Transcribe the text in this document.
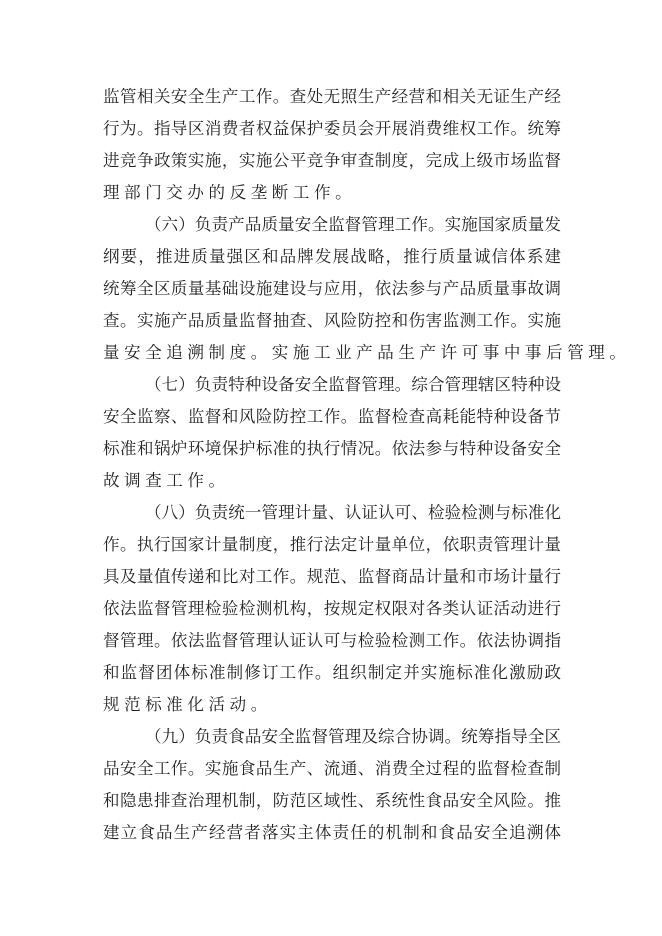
监管相关安全生产工作。查处无照生产经营和相关无证生产经
行为。指导区消费者权益保护委员会开展消费维权工作。统筹
进竞争政策实施，实施公平竞争审查制度，完成上级市场监督
理部门交办的反垄断工作。
（六）负责产品质量安全监督管理工作。实施国家质量发
纲要，推进质量强区和品牌发展战略，推行质量诚信体系建
统筹全区质量基础设施建设与应用，依法参与产品质量事故调
查。实施产品质量监督抽查、风险防控和伤害监测工作。实施
量安全追溯制度。实施工业产品生产许可事中事后管理。
（七）负责特种设备安全监督管理。综合管理辖区特种设
安全监察、监督和风险防控工作。监督检查高耗能特种设备节
标准和锅炉环境保护标准的执行情况。依法参与特种设备安全
故调查工作。
（八）负责统一管理计量、认证认可、检验检测与标准化
作。执行国家计量制度，推行法定计量单位，依职责管理计量
具及量值传递和比对工作。规范、监督商品计量和市场计量行
依法监督管理检验检测机构，按规定权限对各类认证活动进行
督管理。依法监督管理认证认可与检验检测工作。依法协调指
和监督团体标准制修订工作。组织制定并实施标准化激励政
规范标准化活动。
（九）负责食品安全监督管理及综合协调。统筹指导全区
品安全工作。实施食品生产、流通、消费全过程的监督检查制
和隐患排查治理机制，防范区域性、系统性食品安全风险。推
建立食品生产经营者落实主体责任的机制和食品安全追溯体
